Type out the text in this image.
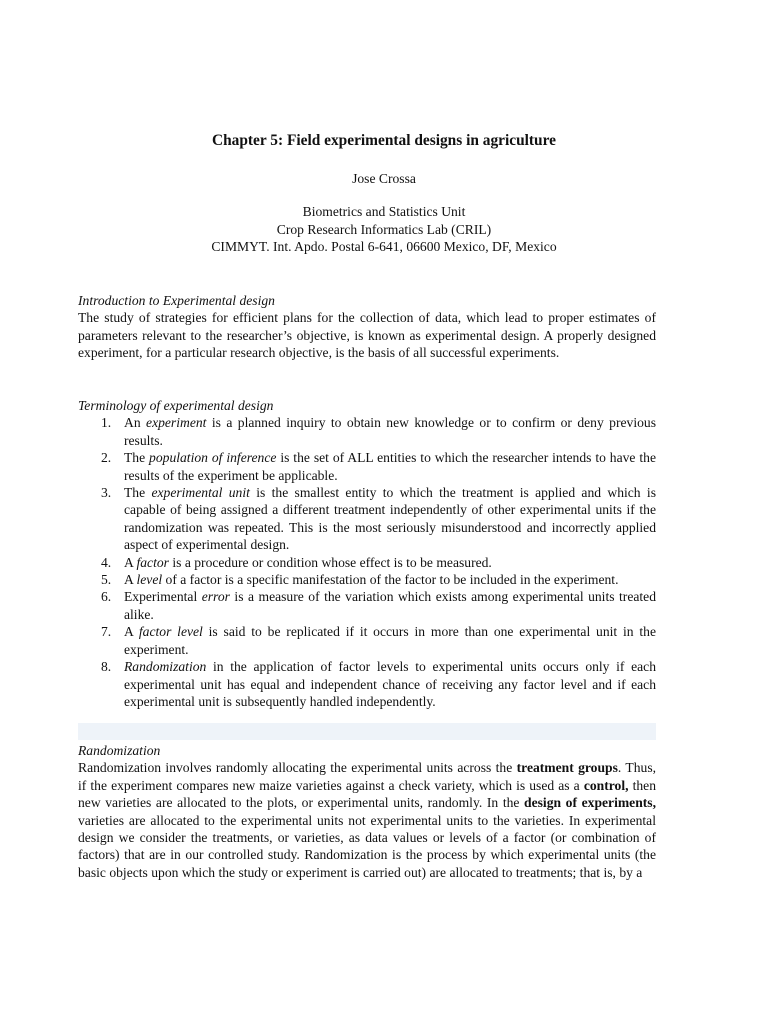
Chapter 5: Field experimental designs in agriculture
Jose Crossa
Biometrics and Statistics Unit
Crop Research Informatics Lab (CRIL)
CIMMYT. Int. Apdo. Postal 6-641, 06600 Mexico, DF, Mexico
Introduction to Experimental design
The study of strategies for efficient plans for the collection of data, which lead to proper estimates of parameters relevant to the researcher’s objective, is known as experimental design. A properly designed experiment, for a particular research objective, is the basis of all successful experiments.
Terminology of experimental design
1. An experiment is a planned inquiry to obtain new knowledge or to confirm or deny previous results.
2. The population of inference is the set of ALL entities to which the researcher intends to have the results of the experiment be applicable.
3. The experimental unit is the smallest entity to which the treatment is applied and which is capable of being assigned a different treatment independently of other experimental units if the randomization was repeated. This is the most seriously misunderstood and incorrectly applied aspect of experimental design.
4. A factor is a procedure or condition whose effect is to be measured.
5. A level of a factor is a specific manifestation of the factor to be included in the experiment.
6. Experimental error is a measure of the variation which exists among experimental units treated alike.
7. A factor level is said to be replicated if it occurs in more than one experimental unit in the experiment.
8. Randomization in the application of factor levels to experimental units occurs only if each experimental unit has equal and independent chance of receiving any factor level and if each experimental unit is subsequently handled independently.
Randomization
Randomization involves randomly allocating the experimental units across the treatment groups. Thus, if the experiment compares new maize varieties against a check variety, which is used as a control, then new varieties are allocated to the plots, or experimental units, randomly. In the design of experiments, varieties are allocated to the experimental units not experimental units to the varieties. In experimental design we consider the treatments, or varieties, as data values or levels of a factor (or combination of factors) that are in our controlled study. Randomization is the process by which experimental units (the basic objects upon which the study or experiment is carried out) are allocated to treatments; that is, by a
